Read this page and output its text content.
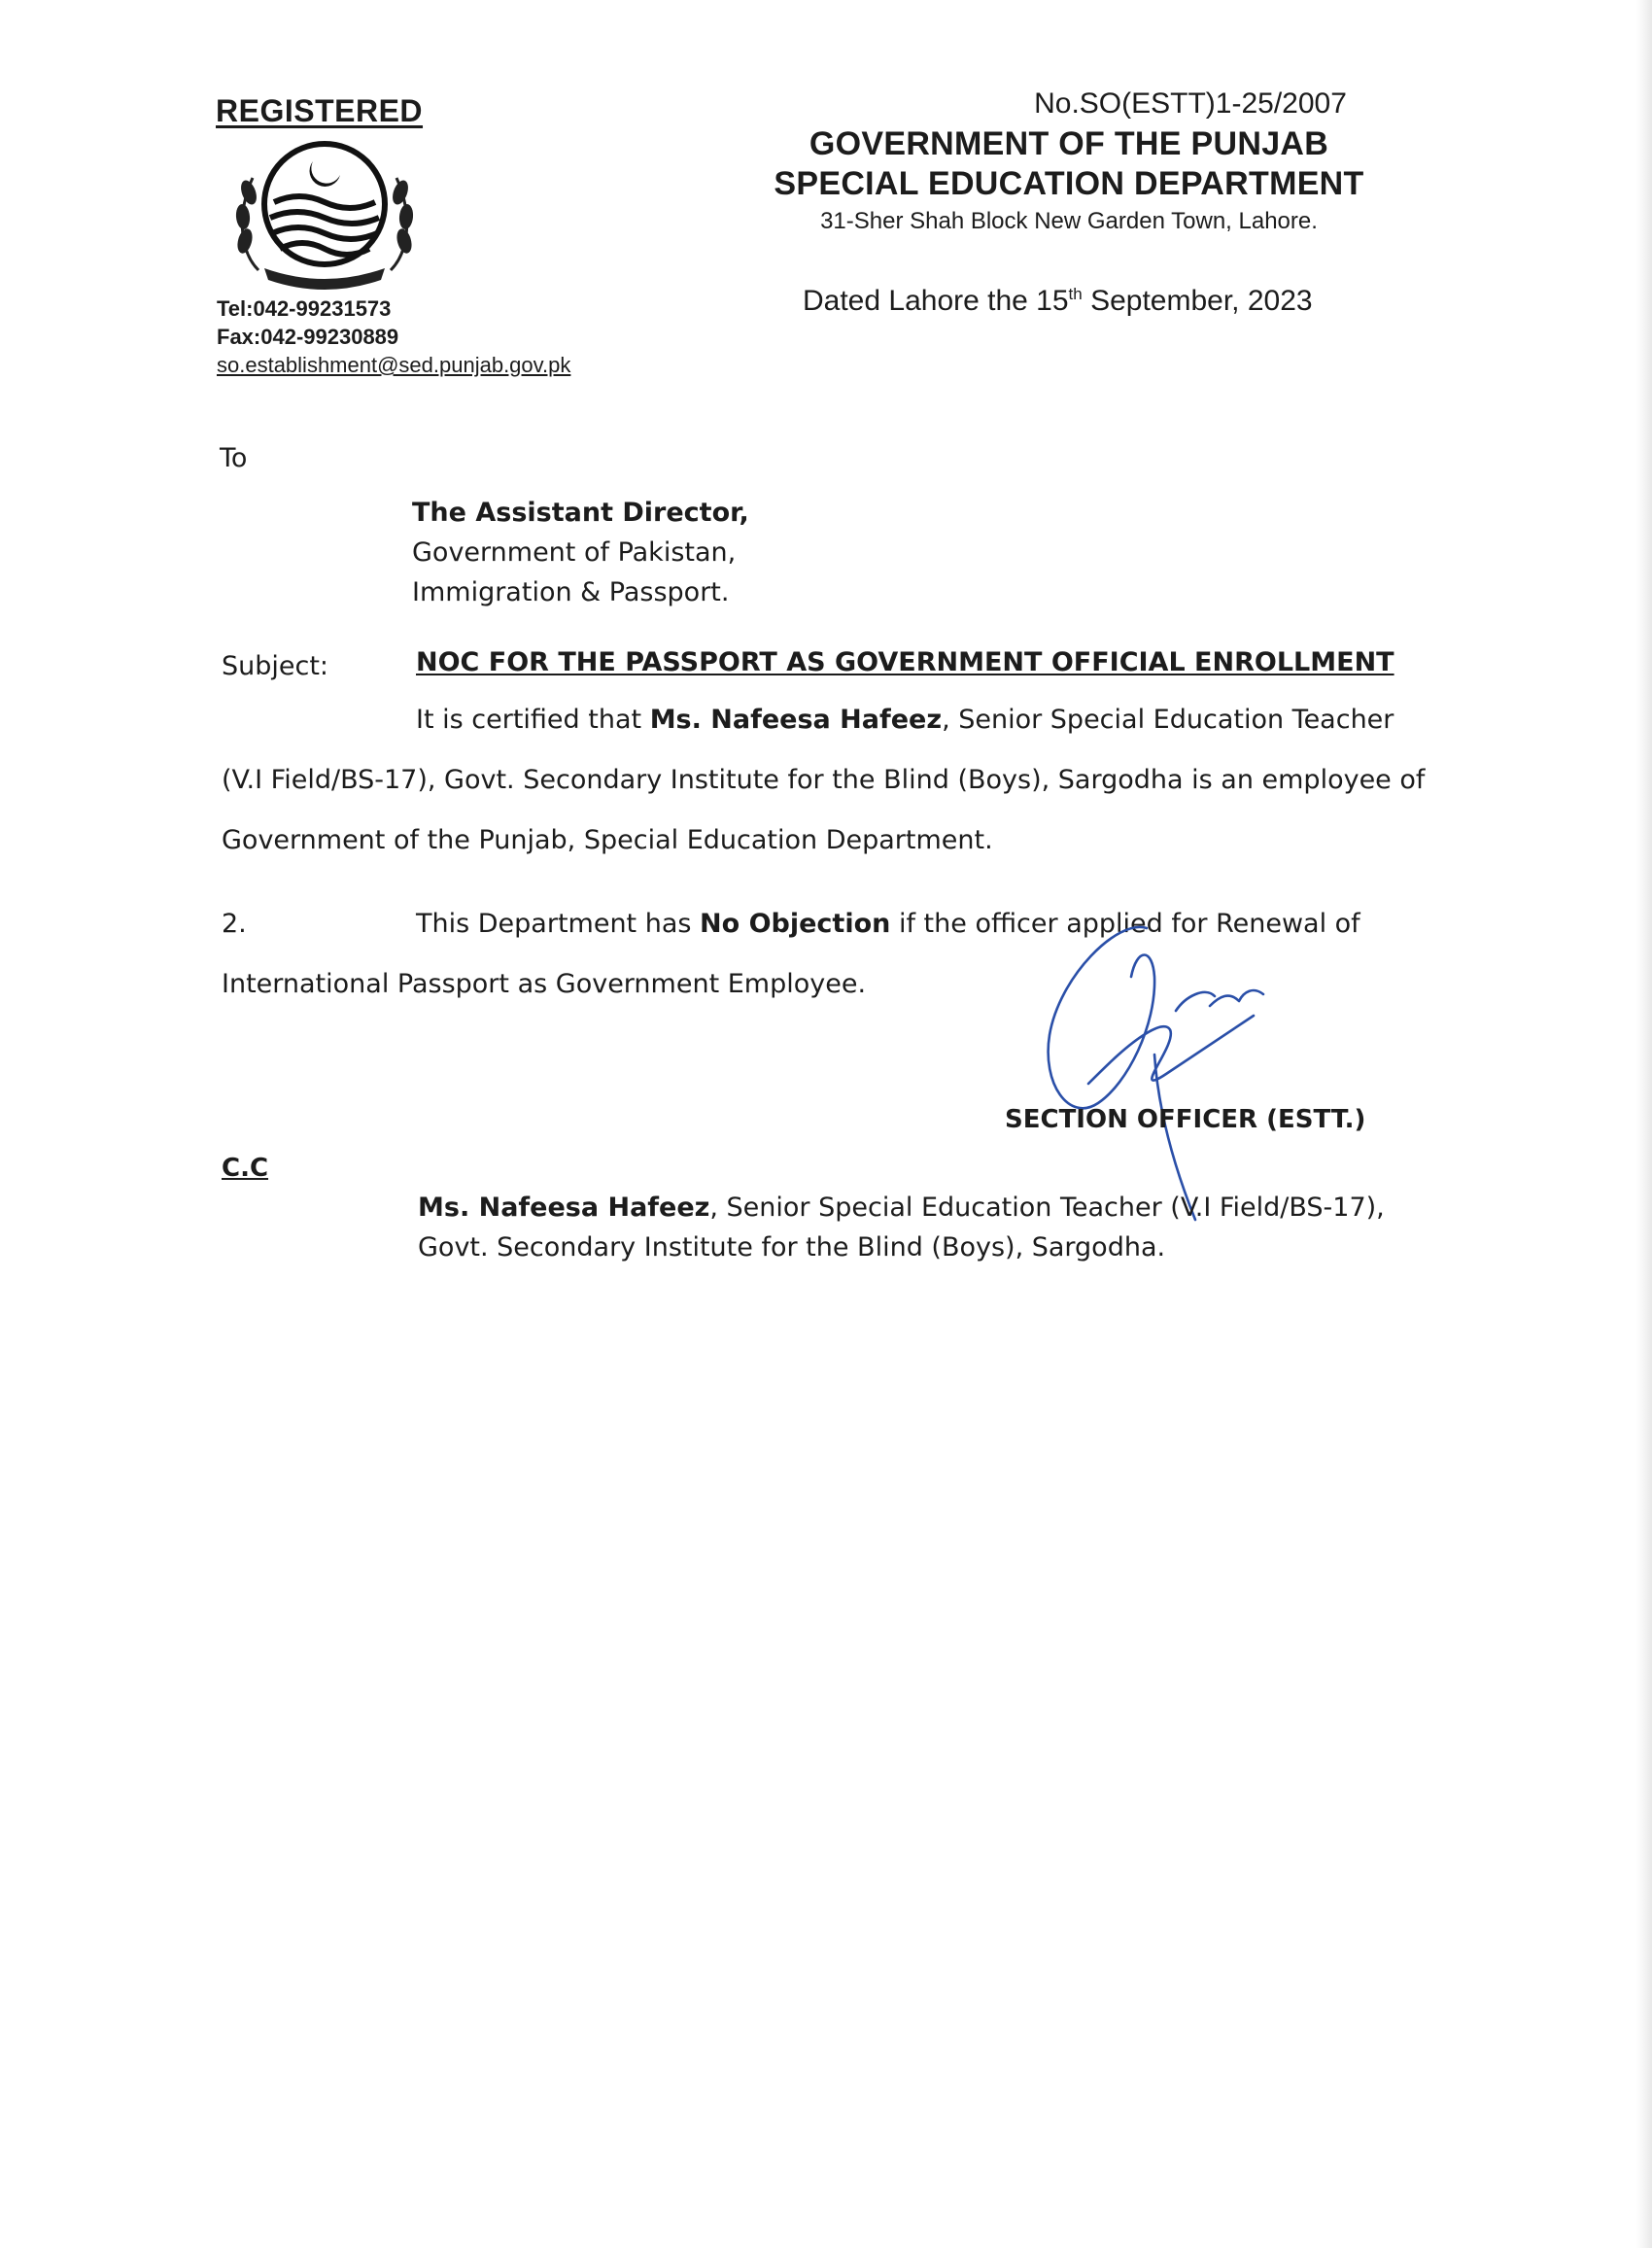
REGISTERED
Tel:042-99231573
Fax:042-99230889
so.establishment@sed.punjab.gov.pk
No.SO(ESTT)1-25/2007
GOVERNMENT OF THE PUNJAB
SPECIAL EDUCATION DEPARTMENT
31-Sher Shah Block New Garden Town, Lahore.
Dated Lahore the 15th September, 2023
To
The Assistant Director,
Government of Pakistan,
Immigration & Passport.
Subject:	NOC FOR THE PASSPORT AS GOVERNMENT OFFICIAL ENROLLMENT
It is certified that Ms. Nafeesa Hafeez, Senior Special Education Teacher
(V.I Field/BS-17), Govt. Secondary Institute for the Blind (Boys), Sargodha is an employee of
Government of the Punjab, Special Education Department.
2.	This Department has No Objection if the officer applied for Renewal of
International Passport as Government Employee.
SECTION OFFICER (ESTT.)
C.C
Ms. Nafeesa Hafeez, Senior Special Education Teacher (V.I Field/BS-17), Govt. Secondary Institute for the Blind (Boys), Sargodha.
